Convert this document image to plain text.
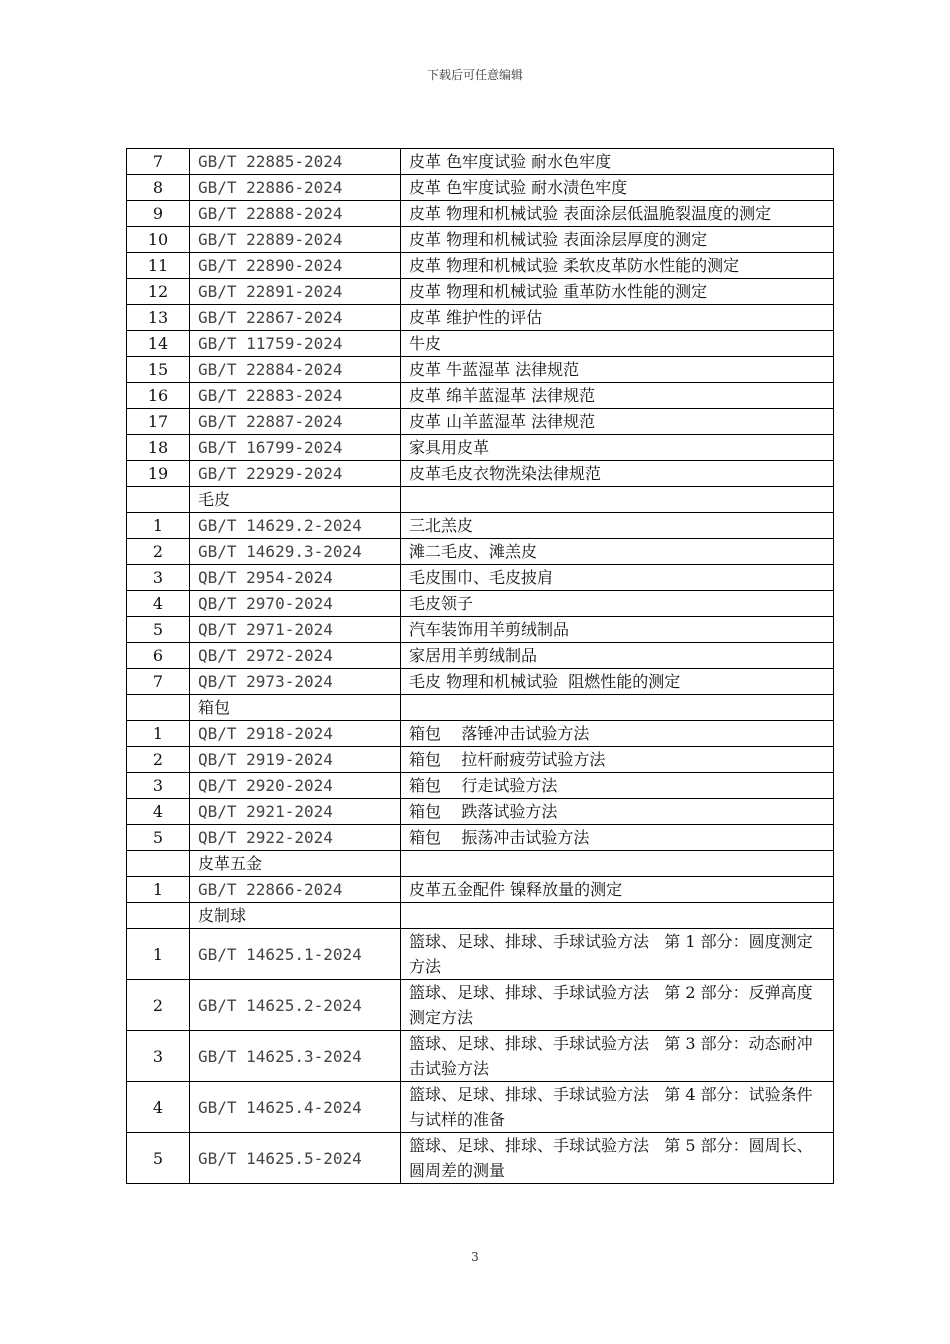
下载后可任意编辑
7	GB/T 22885-2024	皮革 色牢度试验 耐水色牢度
8	GB/T 22886-2024	皮革 色牢度试验 耐水渍色牢度
9	GB/T 22888-2024	皮革 物理和机械试验 表面涂层低温脆裂温度的测定
10	GB/T 22889-2024	皮革 物理和机械试验 表面涂层厚度的测定
11	GB/T 22890-2024	皮革 物理和机械试验 柔软皮革防水性能的测定
12	GB/T 22891-2024	皮革 物理和机械试验 重革防水性能的测定
13	GB/T 22867-2024	皮革 维护性的评估
14	GB/T 11759-2024	牛皮
15	GB/T 22884-2024	皮革 牛蓝湿革 法律规范
16	GB/T 22883-2024	皮革 绵羊蓝湿革 法律规范
17	GB/T 22887-2024	皮革 山羊蓝湿革 法律规范
18	GB/T 16799-2024	家具用皮革
19	GB/T 22929-2024	皮革毛皮衣物洗染法律规范
	毛皮	
1	GB/T 14629.2-2024	三北羔皮
2	GB/T 14629.3-2024	滩二毛皮、滩羔皮
3	QB/T 2954-2024	毛皮围巾、毛皮披肩
4	QB/T 2970-2024	毛皮领子
5	QB/T 2971-2024	汽车装饰用羊剪绒制品
6	QB/T 2972-2024	家居用羊剪绒制品
7	QB/T 2973-2024	毛皮 物理和机械试验  阻燃性能的测定
	箱包	
1	QB/T 2918-2024	箱包    落锤冲击试验方法
2	QB/T 2919-2024	箱包    拉杆耐疲劳试验方法
3	QB/T 2920-2024	箱包    行走试验方法
4	QB/T 2921-2024	箱包    跌落试验方法
5	QB/T 2922-2024	箱包    振荡冲击试验方法
	皮革五金	
1	GB/T 22866-2024	皮革五金配件 镍释放量的测定
	皮制球	
1	GB/T 14625.1-2024	篮球、足球、排球、手球试验方法   第 1 部分：圆度测定方法
2	GB/T 14625.2-2024	篮球、足球、排球、手球试验方法   第 2 部分：反弹高度测定方法
3	GB/T 14625.3-2024	篮球、足球、排球、手球试验方法   第 3 部分：动态耐冲击试验方法
4	GB/T 14625.4-2024	篮球、足球、排球、手球试验方法   第 4 部分：试验条件与试样的准备
5	GB/T 14625.5-2024	篮球、足球、排球、手球试验方法   第 5 部分：圆周长、圆周差的测量
3
